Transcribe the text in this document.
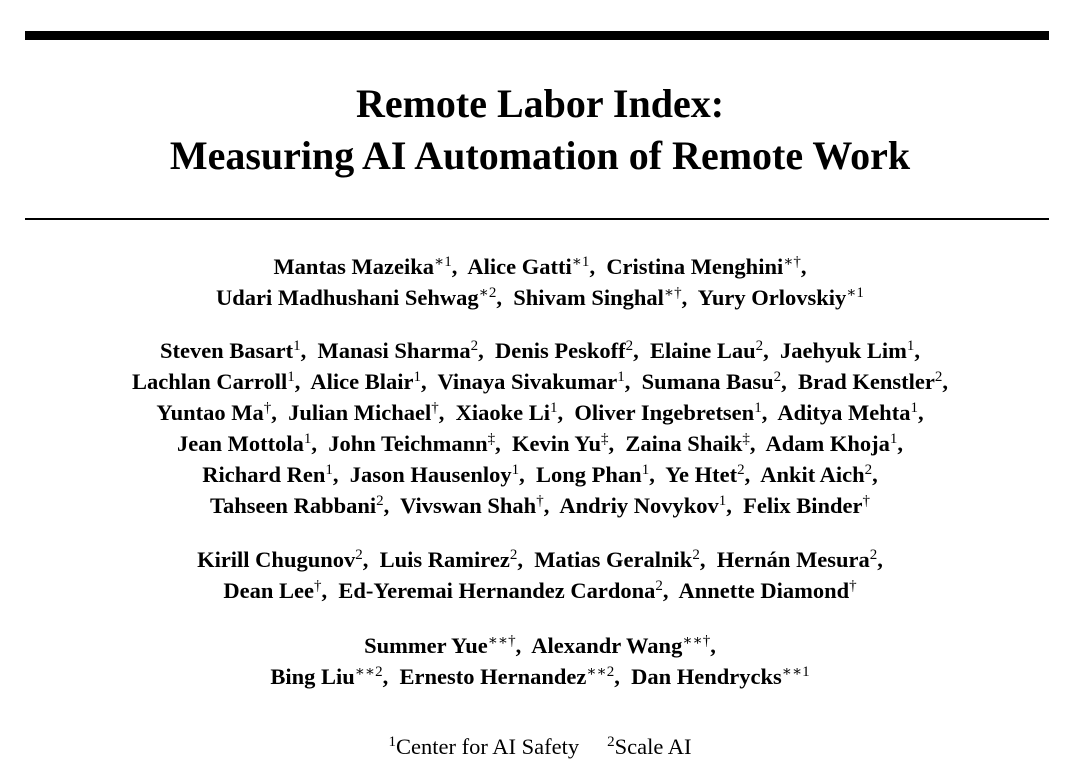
Remote Labor Index:
Measuring AI Automation of Remote Work
Mantas Mazeika$^{∗1}$,  Alice Gatti$^{∗1}$,  Cristina Menghini∗†,
Udari Madhushani Sehwag$^{∗2}$,  Shivam Singhal∗†,  Yury Orlovskiy$^{∗1}$
Steven Basart$^1$,  Manasi Sharma$^2$,  Denis Peskoff$^2$,  Elaine Lau$^2$,  Jaehyuk Lim$^1$,
Lachlan Carroll$^1$,  Alice Blair$^1$,  Vinaya Sivakumar$^1$,  Sumana Basu$^2$,  Brad Kenstler$^2$,
Yuntao Ma†,  Julian Michael†,  Xiaoke Li$^1$,  Oliver Ingebretsen$^1$,  Aditya Mehta$^1$,
Jean Mottola$^1$,  John Teichmann‡,  Kevin Yu‡,  Zaina Shaik‡,  Adam Khoja$^1$,
Richard Ren$^1$,  Jason Hausenloy$^1$,  Long Phan$^1$,  Ye Htet$^2$,  Ankit Aich$^2$,
Tahseen Rabbani$^2$,  Vivswan Shah†,  Andriy Novykov$^1$,  Felix Binder†
Kirill Chugunov$^2$,  Luis Ramirez$^2$,  Matias Geralnik$^2$,  Hernán Mesura$^2$,
Dean Lee†,  Ed-Yeremai Hernandez Cardona$^2$,  Annette Diamond†
Summer Yue∗∗†,  Alexandr Wang∗∗†,
Bing Liu$^{∗∗2}$,  Ernesto Hernandez$^{∗∗2}$,  Dan Hendrycks$^{∗∗1}$
$^1$Center for AI Safety $^2$Scale AI
